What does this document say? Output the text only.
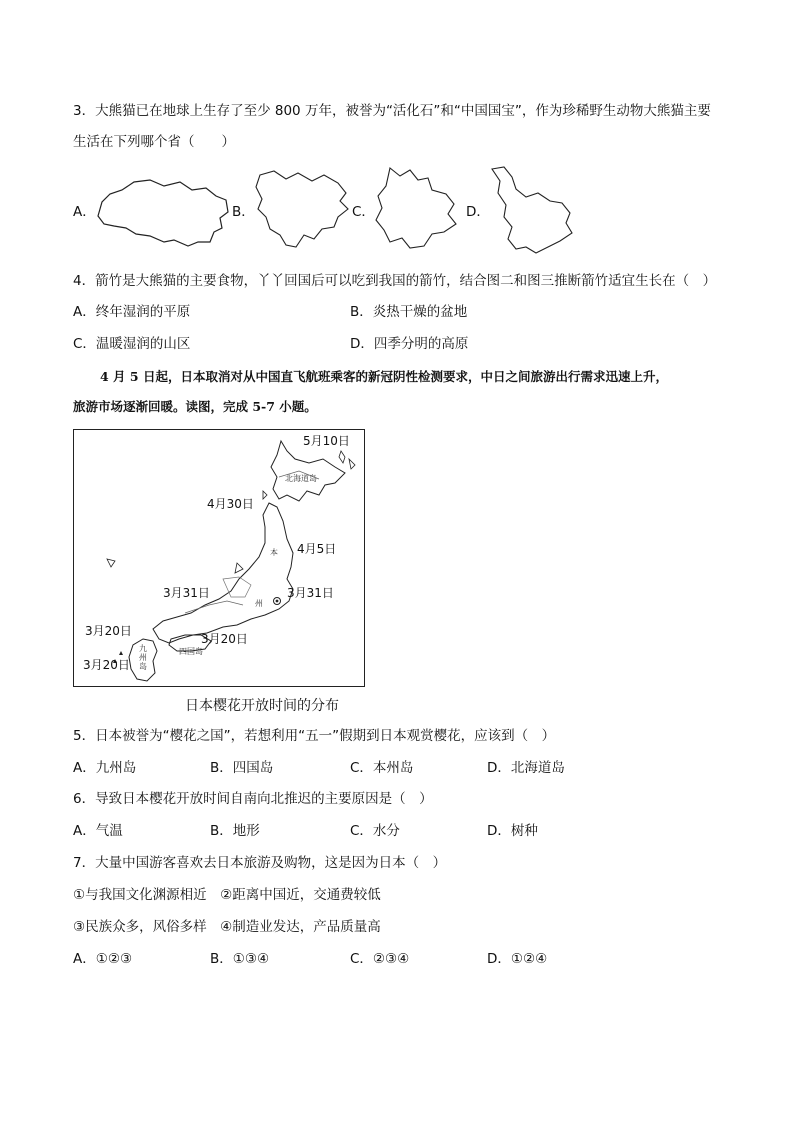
3．大熊猫已在地球上生存了至少 800 万年，被誉为“活化石”和“中国国宝”，作为珍稀野生动物大熊猫主要
生活在下列哪个省（　　）
A．	B．	C．	D．
4．箭竹是大熊猫的主要食物，丫丫回国后可以吃到我国的箭竹，结合图二和图三推断箭竹适宜生长在（　）
A．终年湿润的平原	B．炎热干燥的盆地
C．温暖湿润的山区	D．四季分明的高原
4 月 5 日起，日本取消对从中国直飞航班乘客的新冠阴性检测要求，中日之间旅游出行需求迅速上升，
旅游市场逐渐回暖。读图，完成 5-7 小题。
5月10日
北海道岛
4月30日
4月5日
本
州
3月31日	3月31日
3月20日
3月20日
四国岛
九
州
岛
3月20日
日本樱花开放时间的分布
5．日本被誉为“樱花之国”，若想利用“五一”假期到日本观赏樱花，应该到（　）
A．九州岛	B．四国岛	C．本州岛	D．北海道岛
6．导致日本樱花开放时间自南向北推迟的主要原因是（　）
A．气温	B．地形	C．水分	D．树种
7．大量中国游客喜欢去日本旅游及购物，这是因为日本（　）
①与我国文化渊源相近　②距离中国近，交通费较低
③民族众多，风俗多样　④制造业发达，产品质量高
A．①②③	B．①③④	C．②③④	D．①②④
